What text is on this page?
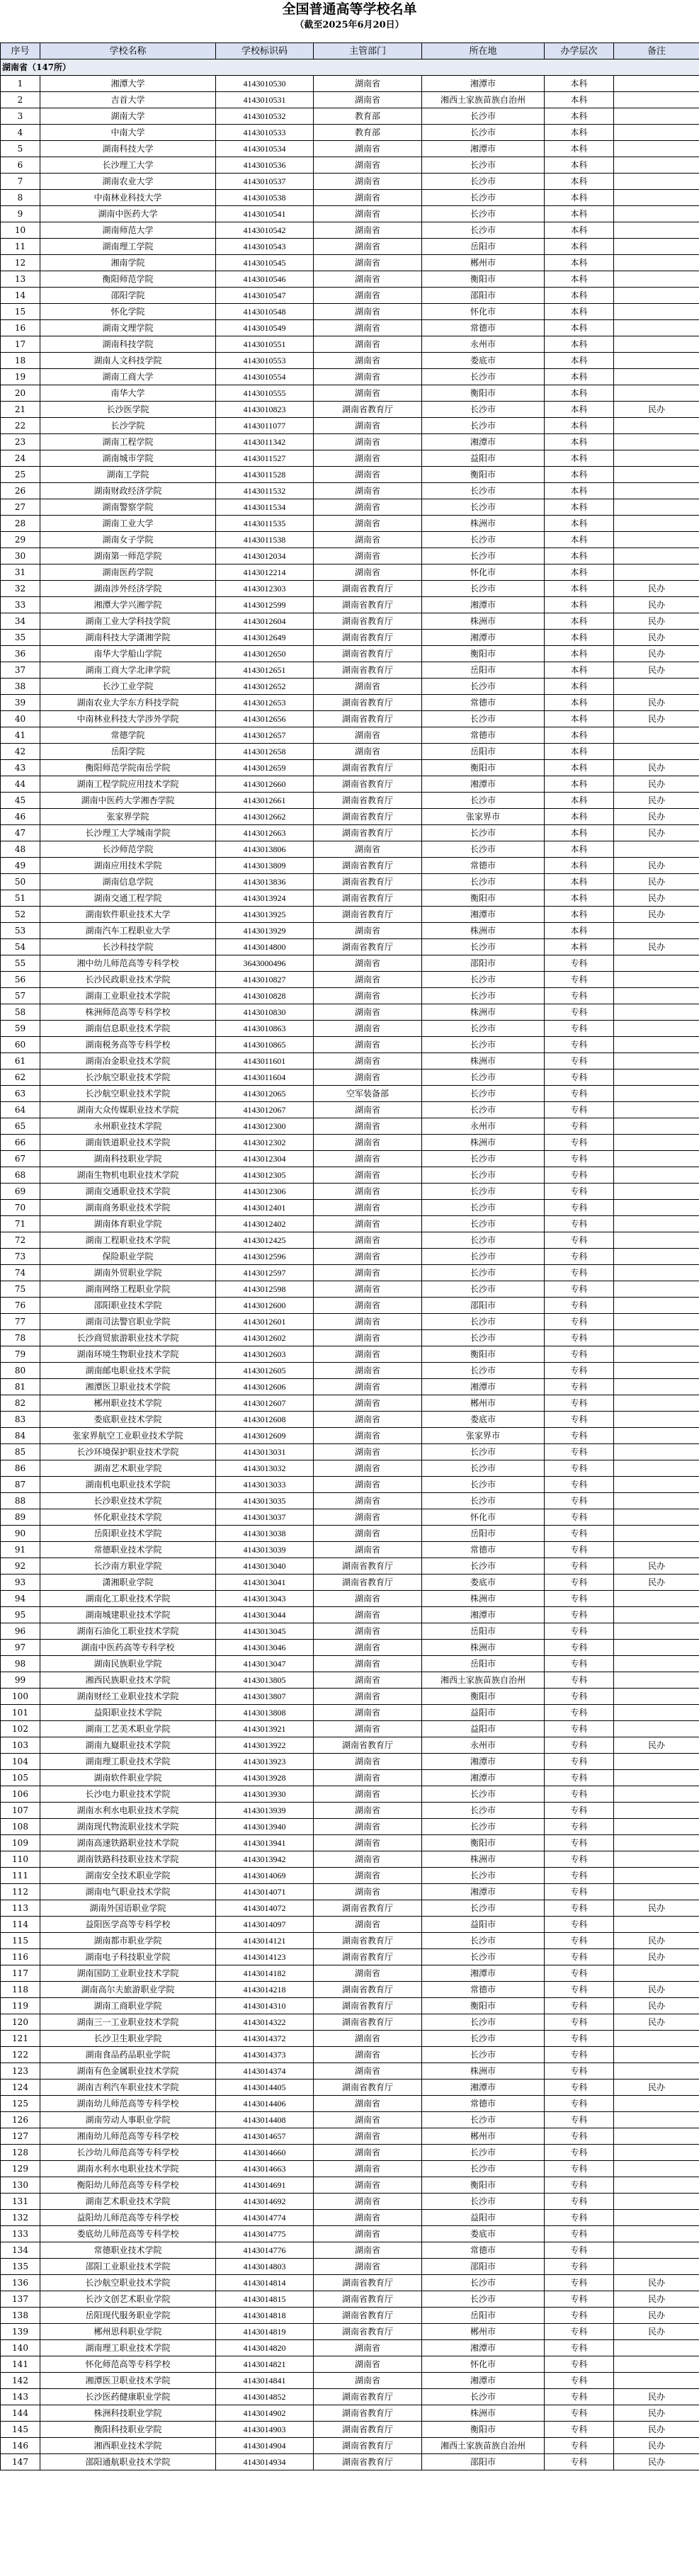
全国普通高等学校名单
（截至2025年6月20日）
序号	学校名称	学校标识码	主管部门	所在地	办学层次	备注
湖南省（147所）						
1	湘潭大学	4143010530	湖南省	湘潭市	本科	
2	吉首大学	4143010531	湖南省	湘西土家族苗族自治州	本科	
3	湖南大学	4143010532	教育部	长沙市	本科	
4	中南大学	4143010533	教育部	长沙市	本科	
5	湖南科技大学	4143010534	湖南省	湘潭市	本科	
6	长沙理工大学	4143010536	湖南省	长沙市	本科	
7	湖南农业大学	4143010537	湖南省	长沙市	本科	
8	中南林业科技大学	4143010538	湖南省	长沙市	本科	
9	湖南中医药大学	4143010541	湖南省	长沙市	本科	
10	湖南师范大学	4143010542	湖南省	长沙市	本科	
11	湖南理工学院	4143010543	湖南省	岳阳市	本科	
12	湘南学院	4143010545	湖南省	郴州市	本科	
13	衡阳师范学院	4143010546	湖南省	衡阳市	本科	
14	邵阳学院	4143010547	湖南省	邵阳市	本科	
15	怀化学院	4143010548	湖南省	怀化市	本科	
16	湖南文理学院	4143010549	湖南省	常德市	本科	
17	湖南科技学院	4143010551	湖南省	永州市	本科	
18	湖南人文科技学院	4143010553	湖南省	娄底市	本科	
19	湖南工商大学	4143010554	湖南省	长沙市	本科	
20	南华大学	4143010555	湖南省	衡阳市	本科	
21	长沙医学院	4143010823	湖南省教育厅	长沙市	本科	民办
22	长沙学院	4143011077	湖南省	长沙市	本科	
23	湖南工程学院	4143011342	湖南省	湘潭市	本科	
24	湖南城市学院	4143011527	湖南省	益阳市	本科	
25	湖南工学院	4143011528	湖南省	衡阳市	本科	
26	湖南财政经济学院	4143011532	湖南省	长沙市	本科	
27	湖南警察学院	4143011534	湖南省	长沙市	本科	
28	湖南工业大学	4143011535	湖南省	株洲市	本科	
29	湖南女子学院	4143011538	湖南省	长沙市	本科	
30	湖南第一师范学院	4143012034	湖南省	长沙市	本科	
31	湖南医药学院	4143012214	湖南省	怀化市	本科	
32	湖南涉外经济学院	4143012303	湖南省教育厅	长沙市	本科	民办
33	湘潭大学兴湘学院	4143012599	湖南省教育厅	湘潭市	本科	民办
34	湖南工业大学科技学院	4143012604	湖南省教育厅	株洲市	本科	民办
35	湖南科技大学潇湘学院	4143012649	湖南省教育厅	湘潭市	本科	民办
36	南华大学船山学院	4143012650	湖南省教育厅	衡阳市	本科	民办
37	湖南工商大学北津学院	4143012651	湖南省教育厅	岳阳市	本科	民办
38	长沙工业学院	4143012652	湖南省	长沙市	本科	
39	湖南农业大学东方科技学院	4143012653	湖南省教育厅	常德市	本科	民办
40	中南林业科技大学涉外学院	4143012656	湖南省教育厅	长沙市	本科	民办
41	常德学院	4143012657	湖南省	常德市	本科	
42	岳阳学院	4143012658	湖南省	岳阳市	本科	
43	衡阳师范学院南岳学院	4143012659	湖南省教育厅	衡阳市	本科	民办
44	湖南工程学院应用技术学院	4143012660	湖南省教育厅	湘潭市	本科	民办
45	湖南中医药大学湘杏学院	4143012661	湖南省教育厅	长沙市	本科	民办
46	张家界学院	4143012662	湖南省教育厅	张家界市	本科	民办
47	长沙理工大学城南学院	4143012663	湖南省教育厅	长沙市	本科	民办
48	长沙师范学院	4143013806	湖南省	长沙市	本科	
49	湖南应用技术学院	4143013809	湖南省教育厅	常德市	本科	民办
50	湖南信息学院	4143013836	湖南省教育厅	长沙市	本科	民办
51	湖南交通工程学院	4143013924	湖南省教育厅	衡阳市	本科	民办
52	湖南软件职业技术大学	4143013925	湖南省教育厅	湘潭市	本科	民办
53	湖南汽车工程职业大学	4143013929	湖南省	株洲市	本科	
54	长沙科技学院	4143014800	湖南省教育厅	长沙市	本科	民办
55	湘中幼儿师范高等专科学校	3643000496	湖南省	邵阳市	专科	
56	长沙民政职业技术学院	4143010827	湖南省	长沙市	专科	
57	湖南工业职业技术学院	4143010828	湖南省	长沙市	专科	
58	株洲师范高等专科学校	4143010830	湖南省	株洲市	专科	
59	湖南信息职业技术学院	4143010863	湖南省	长沙市	专科	
60	湖南税务高等专科学校	4143010865	湖南省	长沙市	专科	
61	湖南冶金职业技术学院	4143011601	湖南省	株洲市	专科	
62	长沙航空职业技术学院	4143011604	湖南省	长沙市	专科	
63	长沙航空职业技术学院	4143012065	空军装备部	长沙市	专科	
64	湖南大众传媒职业技术学院	4143012067	湖南省	长沙市	专科	
65	永州职业技术学院	4143012300	湖南省	永州市	专科	
66	湖南铁道职业技术学院	4143012302	湖南省	株洲市	专科	
67	湖南科技职业学院	4143012304	湖南省	长沙市	专科	
68	湖南生物机电职业技术学院	4143012305	湖南省	长沙市	专科	
69	湖南交通职业技术学院	4143012306	湖南省	长沙市	专科	
70	湖南商务职业技术学院	4143012401	湖南省	长沙市	专科	
71	湖南体育职业学院	4143012402	湖南省	长沙市	专科	
72	湖南工程职业技术学院	4143012425	湖南省	长沙市	专科	
73	保险职业学院	4143012596	湖南省	长沙市	专科	
74	湖南外贸职业学院	4143012597	湖南省	长沙市	专科	
75	湖南网络工程职业学院	4143012598	湖南省	长沙市	专科	
76	邵阳职业技术学院	4143012600	湖南省	邵阳市	专科	
77	湖南司法警官职业学院	4143012601	湖南省	长沙市	专科	
78	长沙商贸旅游职业技术学院	4143012602	湖南省	长沙市	专科	
79	湖南环境生物职业技术学院	4143012603	湖南省	衡阳市	专科	
80	湖南邮电职业技术学院	4143012605	湖南省	长沙市	专科	
81	湘潭医卫职业技术学院	4143012606	湖南省	湘潭市	专科	
82	郴州职业技术学院	4143012607	湖南省	郴州市	专科	
83	娄底职业技术学院	4143012608	湖南省	娄底市	专科	
84	张家界航空工业职业技术学院	4143012609	湖南省	张家界市	专科	
85	长沙环境保护职业技术学院	4143013031	湖南省	长沙市	专科	
86	湖南艺术职业学院	4143013032	湖南省	长沙市	专科	
87	湖南机电职业技术学院	4143013033	湖南省	长沙市	专科	
88	长沙职业技术学院	4143013035	湖南省	长沙市	专科	
89	怀化职业技术学院	4143013037	湖南省	怀化市	专科	
90	岳阳职业技术学院	4143013038	湖南省	岳阳市	专科	
91	常德职业技术学院	4143013039	湖南省	常德市	专科	
92	长沙南方职业学院	4143013040	湖南省教育厅	长沙市	专科	民办
93	潇湘职业学院	4143013041	湖南省教育厅	娄底市	专科	民办
94	湖南化工职业技术学院	4143013043	湖南省	株洲市	专科	
95	湖南城建职业技术学院	4143013044	湖南省	湘潭市	专科	
96	湖南石油化工职业技术学院	4143013045	湖南省	岳阳市	专科	
97	湖南中医药高等专科学校	4143013046	湖南省	株洲市	专科	
98	湖南民族职业学院	4143013047	湖南省	岳阳市	专科	
99	湘西民族职业技术学院	4143013805	湖南省	湘西土家族苗族自治州	专科	
100	湖南财经工业职业技术学院	4143013807	湖南省	衡阳市	专科	
101	益阳职业技术学院	4143013808	湖南省	益阳市	专科	
102	湖南工艺美术职业学院	4143013921	湖南省	益阳市	专科	
103	湖南九嶷职业技术学院	4143013922	湖南省教育厅	永州市	专科	民办
104	湖南理工职业技术学院	4143013923	湖南省	湘潭市	专科	
105	湖南软件职业学院	4143013928	湖南省	湘潭市	专科	
106	长沙电力职业技术学院	4143013930	湖南省	长沙市	专科	
107	湖南水利水电职业技术学院	4143013939	湖南省	长沙市	专科	
108	湖南现代物流职业技术学院	4143013940	湖南省	长沙市	专科	
109	湖南高速铁路职业技术学院	4143013941	湖南省	衡阳市	专科	
110	湖南铁路科技职业技术学院	4143013942	湖南省	株洲市	专科	
111	湖南安全技术职业学院	4143014069	湖南省	长沙市	专科	
112	湖南电气职业技术学院	4143014071	湖南省	湘潭市	专科	
113	湖南外国语职业学院	4143014072	湖南省教育厅	长沙市	专科	民办
114	益阳医学高等专科学校	4143014097	湖南省	益阳市	专科	
115	湖南都市职业学院	4143014121	湖南省教育厅	长沙市	专科	民办
116	湖南电子科技职业学院	4143014123	湖南省教育厅	长沙市	专科	民办
117	湖南国防工业职业技术学院	4143014182	湖南省	湘潭市	专科	
118	湖南高尔夫旅游职业学院	4143014218	湖南省教育厅	常德市	专科	民办
119	湖南工商职业学院	4143014310	湖南省教育厅	衡阳市	专科	民办
120	湖南三一工业职业技术学院	4143014322	湖南省教育厅	长沙市	专科	民办
121	长沙卫生职业学院	4143014372	湖南省	长沙市	专科	
122	湖南食品药品职业学院	4143014373	湖南省	长沙市	专科	
123	湖南有色金属职业技术学院	4143014374	湖南省	株洲市	专科	
124	湖南吉利汽车职业技术学院	4143014405	湖南省教育厅	湘潭市	专科	民办
125	湖南幼儿师范高等专科学校	4143014406	湖南省	常德市	专科	
126	湖南劳动人事职业学院	4143014408	湖南省	长沙市	专科	
127	湘南幼儿师范高等专科学校	4143014657	湖南省	郴州市	专科	
128	长沙幼儿师范高等专科学校	4143014660	湖南省	长沙市	专科	
129	湖南水利水电职业技术学院	4143014663	湖南省	长沙市	专科	
130	衡阳幼儿师范高等专科学校	4143014691	湖南省	衡阳市	专科	
131	湖南艺术职业技术学院	4143014692	湖南省	长沙市	专科	
132	益阳幼儿师范高等专科学校	4143014774	湖南省	益阳市	专科	
133	娄底幼儿师范高等专科学校	4143014775	湖南省	娄底市	专科	
134	常德职业技术学院	4143014776	湖南省	常德市	专科	
135	邵阳工业职业技术学院	4143014803	湖南省	邵阳市	专科	
136	长沙航空职业技术学院	4143014814	湖南省教育厅	长沙市	专科	民办
137	长沙文创艺术职业学院	4143014815	湖南省教育厅	长沙市	专科	民办
138	岳阳现代服务职业学院	4143014818	湖南省教育厅	岳阳市	专科	民办
139	郴州思科职业学院	4143014819	湖南省教育厅	郴州市	专科	民办
140	湖南理工职业技术学院	4143014820	湖南省	湘潭市	专科	
141	怀化师范高等专科学校	4143014821	湖南省	怀化市	专科	
142	湘潭医卫职业技术学院	4143014841	湖南省	湘潭市	专科	
143	长沙医药健康职业学院	4143014852	湖南省教育厅	长沙市	专科	民办
144	株洲科技职业学院	4143014902	湖南省教育厅	株洲市	专科	民办
145	衡阳科技职业学院	4143014903	湖南省教育厅	衡阳市	专科	民办
146	湘西职业技术学院	4143014904	湖南省教育厅	湘西土家族苗族自治州	专科	民办
147	邵阳通航职业技术学院	4143014934	湖南省教育厅	邵阳市	专科	民办
